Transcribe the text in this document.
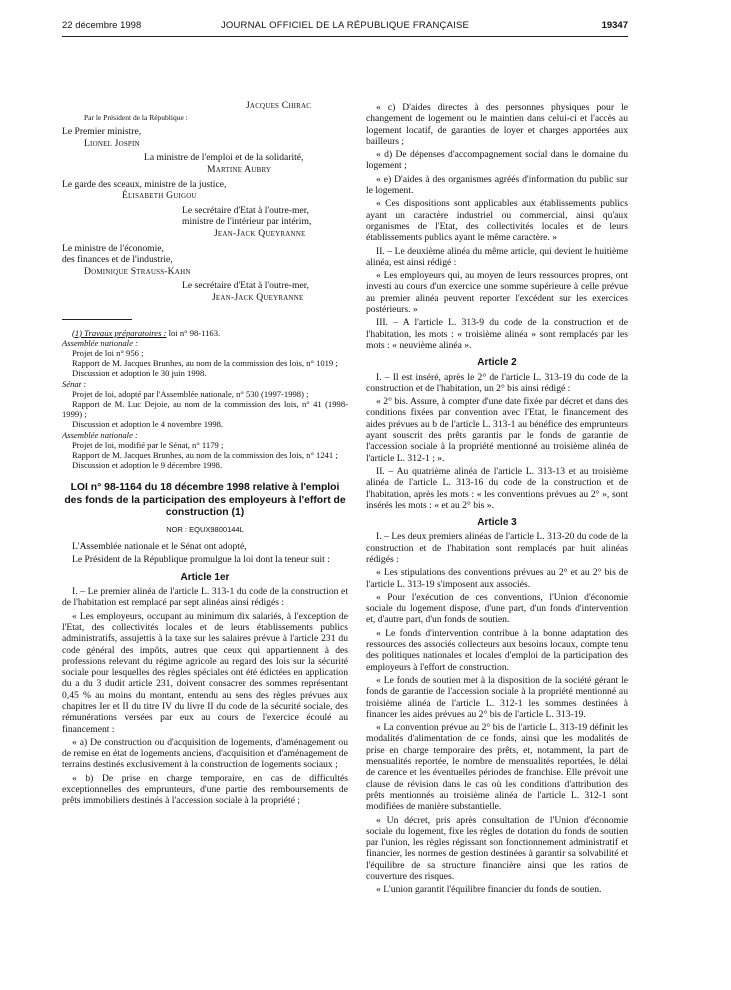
22 décembre 1998	JOURNAL OFFICIEL DE LA RÉPUBLIQUE FRANÇAISE	19347

Jacques Chirac

Par le Président de la République :

Le Premier ministre,

Lionel Jospin

La ministre de l'emploi et de la solidarité,

Martine Aubry

Le garde des sceaux, ministre de la justice,

Élisabeth Guigou

Le secrétaire d'Etat à l'outre-mer,

ministre de l'intérieur par intérim,

Jean-Jack Queyranne

Le ministre de l'économie,

des finances et de l'industrie,

Dominique Strauss-Kahn

Le secrétaire d'Etat à l'outre-mer,

Jean-Jack Queyranne

(1) Travaux préparatoires : loi n° 98-1163.

Assemblée nationale :

Projet de loi n° 956 ;

Rapport de M. Jacques Brunhes, au nom de la commission des lois, n° 1019 ;

Discussion et adoption le 30 juin 1998.

Sénat :

Projet de loi, adopté par l'Assemblée nationale, n° 530 (1997-1998) ;

Rapport de M. Luc Dejoie, au nom de la commission des lois, n° 41 (1998-1999) ;

Discussion et adoption le 4 novembre 1998.

Assemblée nationale :

Projet de loi, modifié par le Sénat, n° 1179 ;

Rapport de M. Jacques Brunhes, au nom de la commission des lois, n° 1241 ;

Discussion et adoption le 9 décembre 1998.

LOI n° 98-1164 du 18 décembre 1998 relative à l'emploi des fonds de la participation des employeurs à l'effort de construction (1)
NOR : EQUX9800144L

L'Assemblée nationale et le Sénat ont adopté,

Le Président de la République promulgue la loi dont la teneur suit :

Article 1er

I. – Le premier alinéa de l'article L. 313-1 du code de la construction et de l'habitation est remplacé par sept alinéas ainsi rédigés :

« Les employeurs, occupant au minimum dix salariés, à l'exception de l'Etat, des collectivités locales et de leurs établissements publics administratifs, assujettis à la taxe sur les salaires prévue à l'article 231 du code général des impôts, autres que ceux qui appartiennent à des professions relevant du régime agricole au regard des lois sur la sécurité sociale pour lesquelles des règles spéciales ont été édictées en application du a du 3 dudit article 231, doivent consacrer des sommes représentant 0,45 % au moins du montant, entendu au sens des règles prévues aux chapitres Ier et II du titre IV du livre II du code de la sécurité sociale, des rémunérations versées par eux au cours de l'exercice écoulé au financement :

« a) De construction ou d'acquisition de logements, d'aménagement ou de remise en état de logements anciens, d'acquisition et d'aménagement de terrains destinés exclusivement à la construction de logements sociaux ;

« b) De prise en charge temporaire, en cas de difficultés exceptionnelles des emprunteurs, d'une partie des remboursements de prêts immobiliers destinés à l'accession sociale à la propriété ;

« c) D'aides directes à des personnes physiques pour le changement de logement ou le maintien dans celui-ci et l'accès au logement locatif, de garanties de loyer et charges apportées aux bailleurs ;

« d) De dépenses d'accompagnement social dans le domaine du logement ;

« e) D'aides à des organismes agréés d'information du public sur le logement.

« Ces dispositions sont applicables aux établissements publics ayant un caractère industriel ou commercial, ainsi qu'aux organismes de l'Etat, des collectivités locales et de leurs établissements publics ayant le même caractère. »

II. – Le deuxième alinéa du même article, qui devient le huitième alinéa, est ainsi rédigé :

« Les employeurs qui, au moyen de leurs ressources propres, ont investi au cours d'un exercice une somme supérieure à celle prévue au premier alinéa peuvent reporter l'excédent sur les exercices postérieurs. »

III. – A l'article L. 313-9 du code de la construction et de l'habitation, les mots : « troisième alinéa » sont remplacés par les mots : « neuvième alinéa ».

Article 2

I. – Il est inséré, après le 2° de l'article L. 313-19 du code de la construction et de l'habitation, un 2° bis ainsi rédigé :

« 2° bis. Assure, à compter d'une date fixée par décret et dans des conditions fixées par convention avec l'Etat, le financement des aides prévues au b de l'article L. 313-1 au bénéfice des emprunteurs ayant souscrit des prêts garantis par le fonds de garantie de l'accession sociale à la propriété mentionné au troisième alinéa de l'article L. 312-1 ; ».

II. – Au quatrième alinéa de l'article L. 313-13 et au troisième alinéa de l'article L. 313-16 du code de la construction et de l'habitation, après les mots : « les conventions prévues au 2° », sont insérés les mots : « et au 2° bis ».

Article 3

I. – Les deux premiers alinéas de l'article L. 313-20 du code de la construction et de l'habitation sont remplacés par huit alinéas rédigés :

« Les stipulations des conventions prévues au 2° et au 2° bis de l'article L. 313-19 s'imposent aux associés.

« Pour l'exécution de ces conventions, l'Union d'économie sociale du logement dispose, d'une part, d'un fonds d'intervention et, d'autre part, d'un fonds de soutien.

« Le fonds d'intervention contribue à la bonne adaptation des ressources des associés collecteurs aux besoins locaux, compte tenu des politiques nationales et locales d'emploi de la participation des employeurs à l'effort de construction.

« Le fonds de soutien met à la disposition de la société gérant le fonds de garantie de l'accession sociale à la propriété mentionné au troisième alinéa de l'article L. 312-1 les sommes destinées à financer les aides prévues au 2° bis de l'article L. 313-19.

« La convention prévue au 2° bis de l'article L. 313-19 définit les modalités d'alimentation de ce fonds, ainsi que les modalités de prise en charge temporaire des prêts, et, notamment, la part de mensualités reportée, le nombre de mensualités reportées, le délai de carence et les éventuelles périodes de franchise. Elle prévoit une clause de révision dans le cas où les conditions d'attribution des prêts mentionnés au troisième alinéa de l'article L. 312-1 sont modifiées de manière substantielle.

« Un décret, pris après consultation de l'Union d'économie sociale du logement, fixe les règles de dotation du fonds de soutien par l'union, les règles régissant son fonctionnement administratif et financier, les normes de gestion destinées à garantir sa solvabilité et l'équilibre de sa structure financière ainsi que les ratios de couverture des risques.

« L'union garantit l'équilibre financier du fonds de soutien.
